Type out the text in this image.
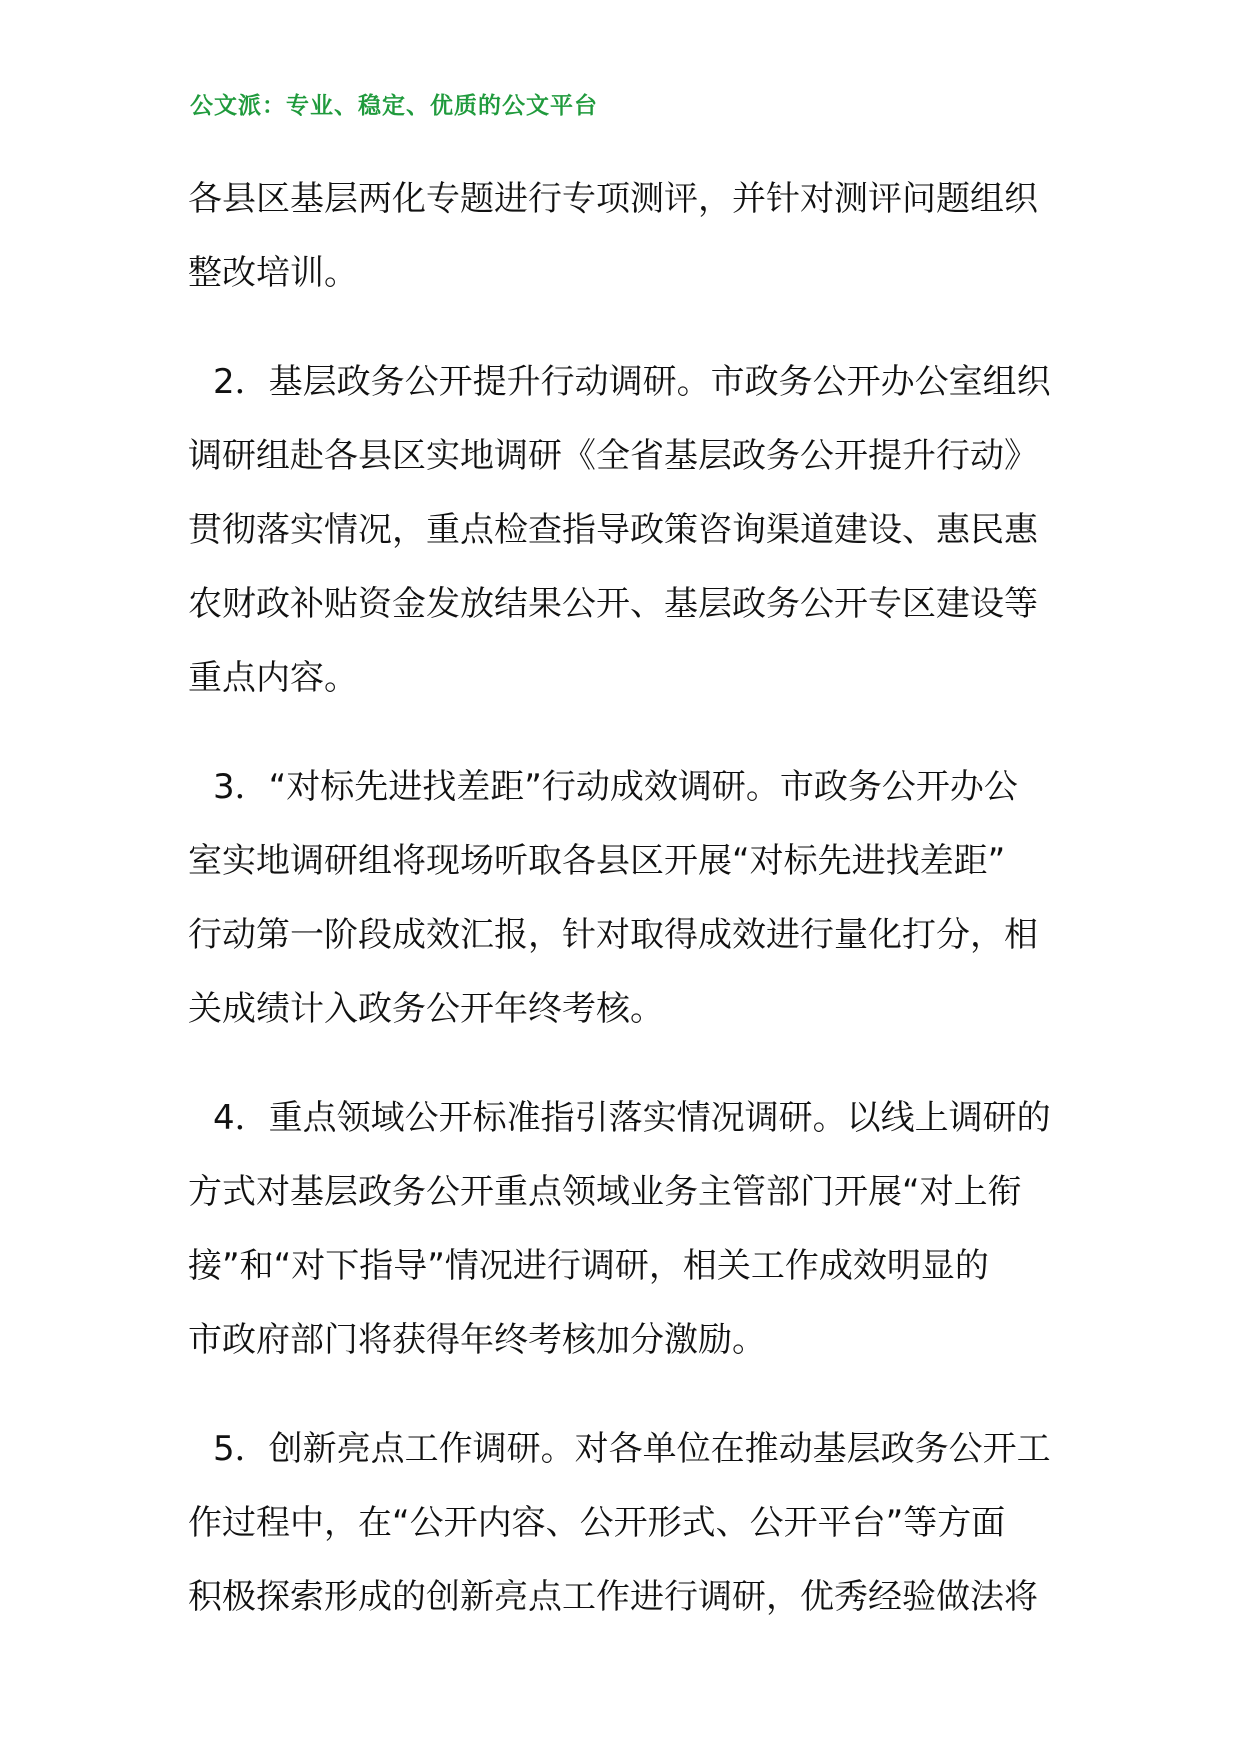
公文派：专业、稳定、优质的公文平台
各县区基层两化专题进行专项测评，并针对测评问题组织
整改培训。
2．基层政务公开提升行动调研。市政务公开办公室组织
调研组赴各县区实地调研《全省基层政务公开提升行动》
贯彻落实情况，重点检查指导政策咨询渠道建设、惠民惠
农财政补贴资金发放结果公开、基层政务公开专区建设等
重点内容。
3．“对标先进找差距”行动成效调研。市政务公开办公
室实地调研组将现场听取各县区开展“对标先进找差距”
行动第一阶段成效汇报，针对取得成效进行量化打分，相
关成绩计入政务公开年终考核。
4．重点领域公开标准指引落实情况调研。以线上调研的
方式对基层政务公开重点领域业务主管部门开展“对上衔
接”和“对下指导”情况进行调研，相关工作成效明显的
市政府部门将获得年终考核加分激励。
5．创新亮点工作调研。对各单位在推动基层政务公开工
作过程中，在“公开内容、公开形式、公开平台”等方面
积极探索形成的创新亮点工作进行调研，优秀经验做法将
